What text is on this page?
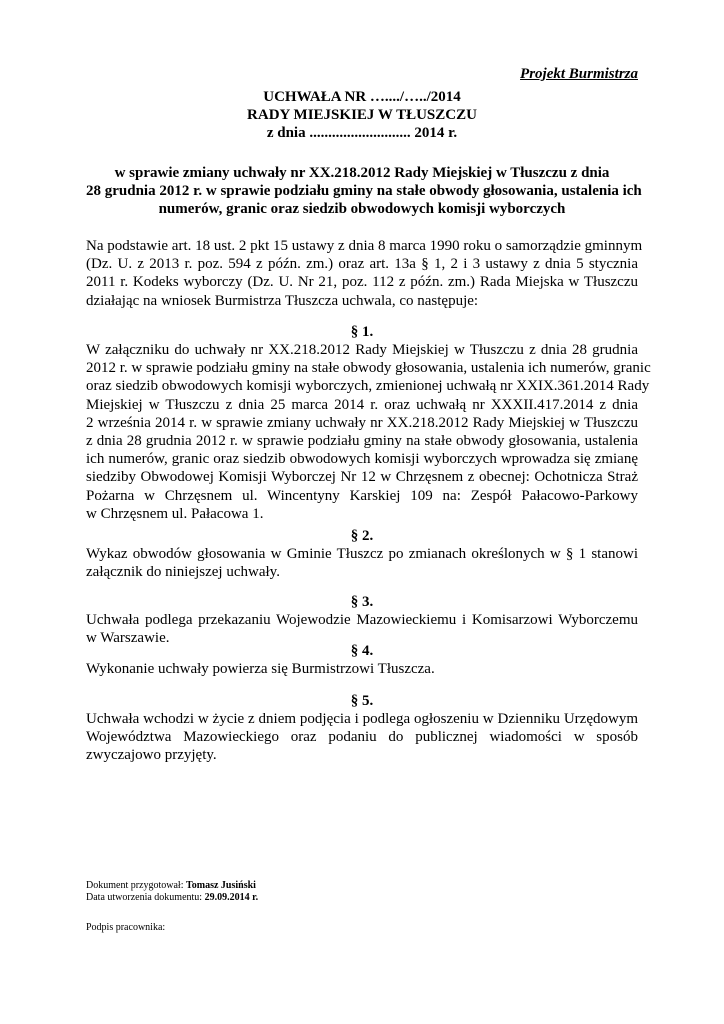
Projekt Burmistrza
UCHWAŁA NR …..../…../2014
RADY MIEJSKIEJ W TŁUSZCZU
z dnia ........................... 2014 r.
w sprawie zmiany uchwały nr XX.218.2012 Rady Miejskiej w Tłuszczu z dnia
28 grudnia 2012 r. w sprawie podziału gminy na stałe obwody głosowania, ustalenia ich
numerów, granic oraz siedzib obwodowych komisji wyborczych
Na podstawie art. 18 ust. 2 pkt 15 ustawy z dnia 8 marca 1990 roku o samorządzie gminnym
(Dz. U. z 2013 r. poz. 594 z późn. zm.) oraz art. 13a § 1, 2 i 3 ustawy z dnia 5 stycznia
2011 r. Kodeks wyborczy (Dz. U. Nr 21, poz. 112 z późn. zm.) Rada Miejska w Tłuszczu
działając na wniosek Burmistrza Tłuszcza uchwala, co następuje:
§ 1.
W załączniku do uchwały nr XX.218.2012 Rady Miejskiej w Tłuszczu z dnia 28 grudnia
2012 r. w sprawie podziału gminy na stałe obwody głosowania, ustalenia ich numerów, granic
oraz siedzib obwodowych komisji wyborczych, zmienionej uchwałą nr XXIX.361.2014 Rady
Miejskiej w Tłuszczu z dnia 25 marca 2014 r. oraz uchwałą nr XXXII.417.2014 z dnia
2 września 2014 r. w sprawie zmiany uchwały nr XX.218.2012 Rady Miejskiej w Tłuszczu
z dnia 28 grudnia 2012 r. w sprawie podziału gminy na stałe obwody głosowania, ustalenia
ich numerów, granic oraz siedzib obwodowych komisji wyborczych wprowadza się zmianę
siedziby Obwodowej Komisji Wyborczej Nr 12 w Chrzęsnem z obecnej: Ochotnicza Straż
Pożarna w Chrzęsnem ul. Wincentyny Karskiej 109 na: Zespół Pałacowo-Parkowy
w Chrzęsnem ul. Pałacowa 1.
§ 2.
Wykaz obwodów głosowania w Gminie Tłuszcz po zmianach określonych w § 1 stanowi
załącznik do niniejszej uchwały.
§ 3.
Uchwała podlega przekazaniu Wojewodzie Mazowieckiemu i Komisarzowi Wyborczemu
w Warszawie.
§ 4.
Wykonanie uchwały powierza się Burmistrzowi Tłuszcza.
§ 5.
Uchwała wchodzi w życie z dniem podjęcia i podlega ogłoszeniu w Dzienniku Urzędowym
Województwa Mazowieckiego oraz podaniu do publicznej wiadomości w sposób
zwyczajowo przyjęty.
Dokument przygotował: Tomasz Jusiński
Data utworzenia dokumentu: 29.09.2014 r.
Podpis pracownika:
